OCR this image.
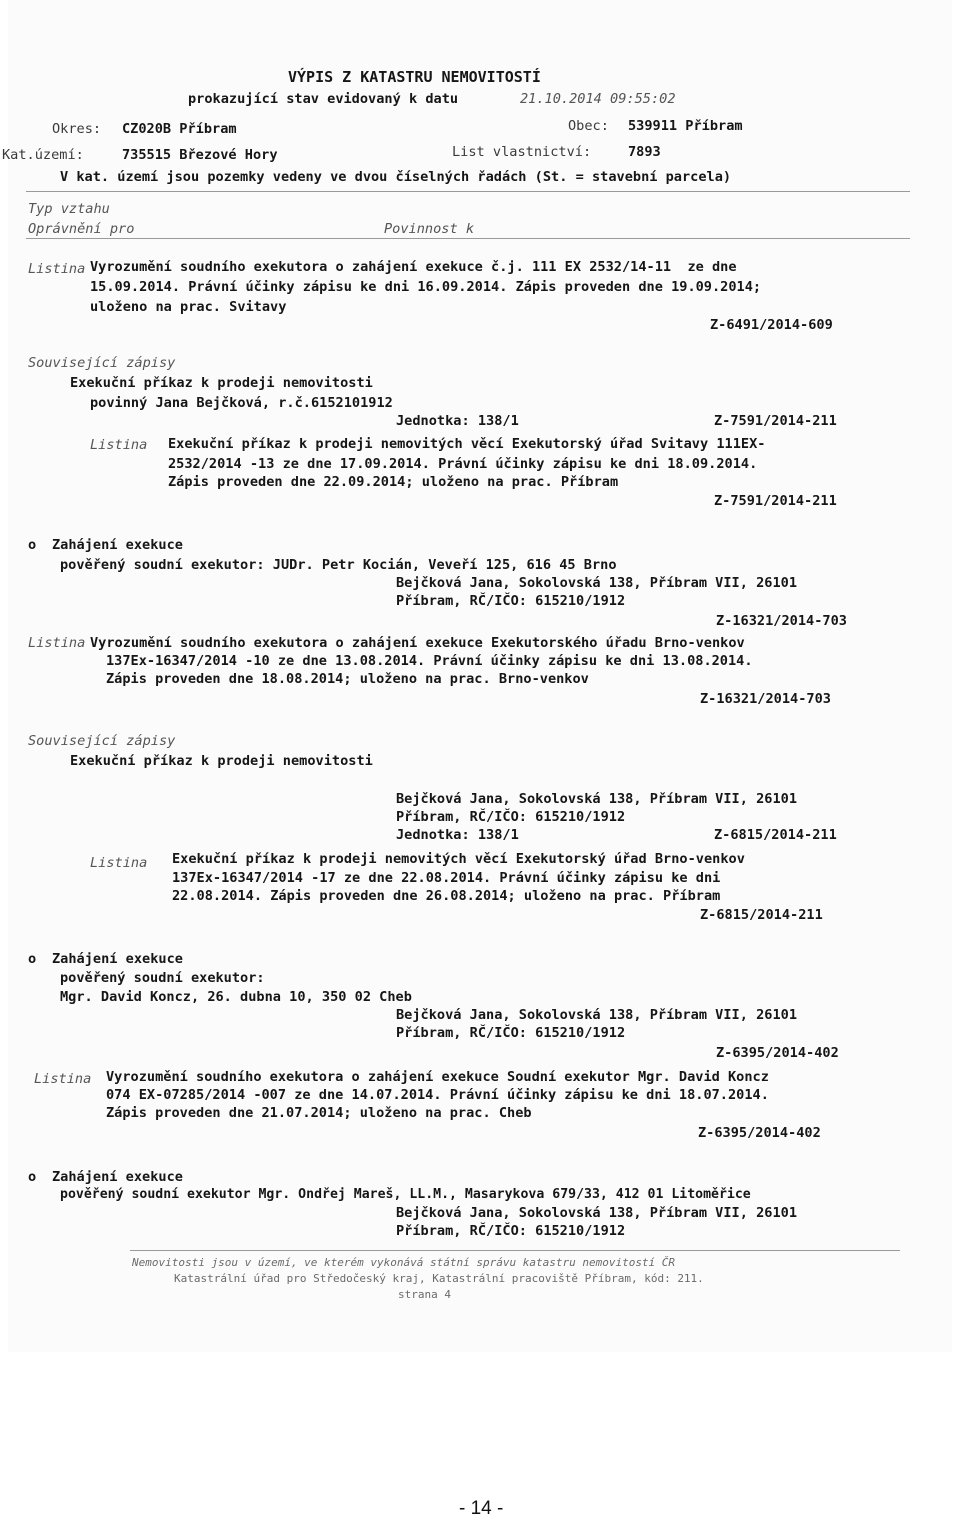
VÝPIS Z KATASTRU NEMOVITOSTÍ
prokazující stav evidovaný k datu	21.10.2014 09:55:02
Okres: CZ020B Příbram	Obec: 539911 Příbram
Kat.území:	735515 Březové Hory	List vlastnictví:	7893
V kat. území jsou pozemky vedeny ve dvou číselných řadách (St. = stavební parcela)
Typ vztahu
Oprávnění pro	Povinnost k
Listina Vyrozumění soudního exekutora o zahájení exekuce č.j. 111 EX 2532/14-11  ze dne
15.09.2014. Právní účinky zápisu ke dni 16.09.2014. Zápis proveden dne 19.09.2014;
uloženo na prac. Svitavy
Z-6491/2014-609
Související zápisy
Exekuční příkaz k prodeji nemovitosti
povinný Jana Bejčková, r.č.6152101912
Jednotka: 138/1	Z-7591/2014-211
Listina Exekuční příkaz k prodeji nemovitých věcí Exekutorský úřad Svitavy 111EX-
2532/2014 -13 ze dne 17.09.2014. Právní účinky zápisu ke dni 18.09.2014.
Zápis proveden dne 22.09.2014; uloženo na prac. Příbram
Z-7591/2014-211
o Zahájení exekuce
pověřený soudní exekutor: JUDr. Petr Kocián, Veveří 125, 616 45 Brno
Bejčková Jana, Sokolovská 138, Příbram VII, 26101
Příbram, RČ/IČO: 615210/1912
Z-16321/2014-703
Listina Vyrozumění soudního exekutora o zahájení exekuce Exekutorského úřadu Brno-venkov
137Ex-16347/2014 -10 ze dne 13.08.2014. Právní účinky zápisu ke dni 13.08.2014.
Zápis proveden dne 18.08.2014; uloženo na prac. Brno-venkov
Z-16321/2014-703
Související zápisy
Exekuční příkaz k prodeji nemovitosti
Bejčková Jana, Sokolovská 138, Příbram VII, 26101
Příbram, RČ/IČO: 615210/1912
Jednotka: 138/1	Z-6815/2014-211
Listina Exekuční příkaz k prodeji nemovitých věcí Exekutorský úřad Brno-venkov
137Ex-16347/2014 -17 ze dne 22.08.2014. Právní účinky zápisu ke dni
22.08.2014. Zápis proveden dne 26.08.2014; uloženo na prac. Příbram
Z-6815/2014-211
o Zahájení exekuce
pověřený soudní exekutor:
Mgr. David Koncz, 26. dubna 10, 350 02 Cheb
Bejčková Jana, Sokolovská 138, Příbram VII, 26101
Příbram, RČ/IČO: 615210/1912
Z-6395/2014-402
Listina Vyrozumění soudního exekutora o zahájení exekuce Soudní exekutor Mgr. David Koncz
074 EX-07285/2014 -007 ze dne 14.07.2014. Právní účinky zápisu ke dni 18.07.2014.
Zápis proveden dne 21.07.2014; uloženo na prac. Cheb
Z-6395/2014-402
o Zahájení exekuce
pověřený soudní exekutor Mgr. Ondřej Mareš, LL.M., Masarykova 679/33, 412 01 Litoměřice
Bejčková Jana, Sokolovská 138, Příbram VII, 26101
Příbram, RČ/IČO: 615210/1912
Nemovitosti jsou v území, ve kterém vykonává státní správu katastru nemovitostí ČR
Katastrální úřad pro Středočeský kraj, Katastrální pracoviště Příbram, kód: 211.
strana 4
- 14 -
